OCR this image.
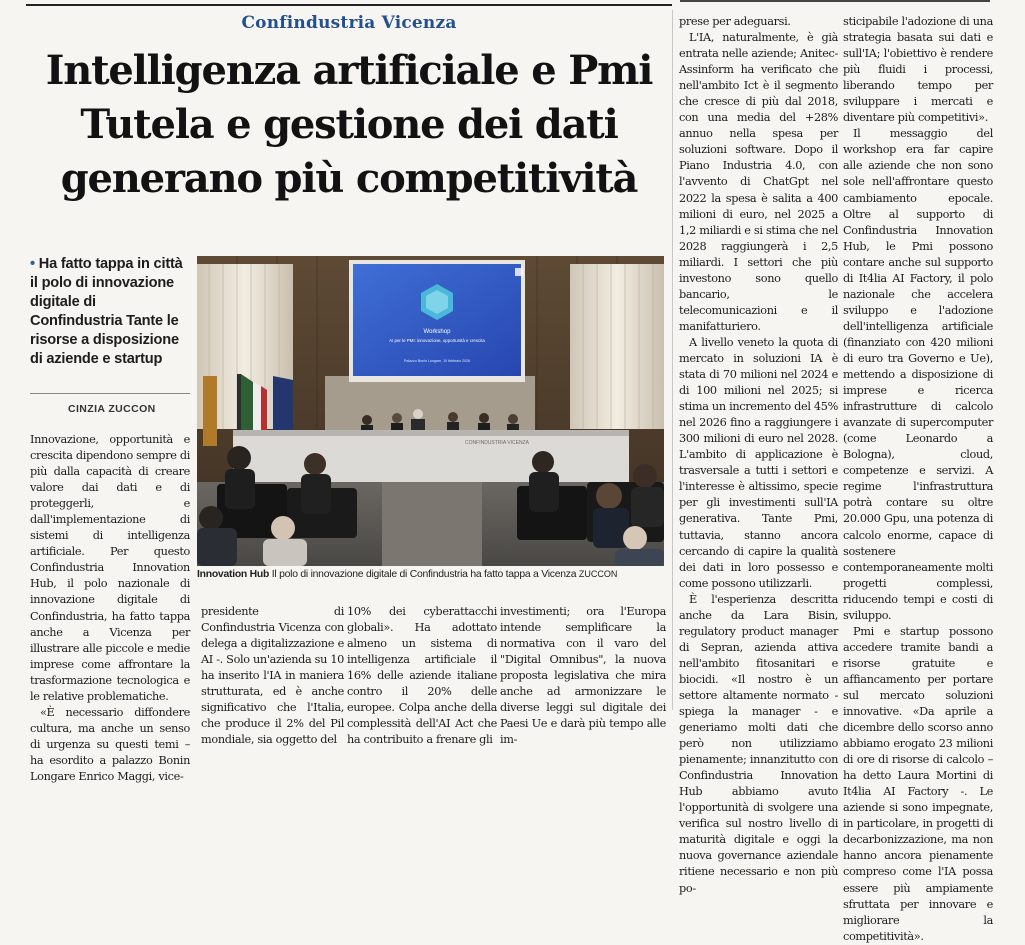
Confindustria Vicenza
Intelligenza artificiale e Pmi
Tutela e gestione dei dati
generano più competitività
• Ha fatto tappa in città il polo di innovazione digitale di Confindustria Tante le risorse a disposizione di aziende e startup
CINZIA ZUCCON

Innovazione, opportunità e crescita dipendono sempre di più dalla capacità di creare valore dai dati e di proteggerli, e dall'implementazione di sistemi di intelligenza artificiale. Per questo Confindustria Innovation Hub, il polo nazionale di innovazione digitale di Confindustria, ha fatto tappa anche a Vicenza per illustrare alle piccole e medie imprese come affrontare la trasformazione tecnologica e le relative problematiche.

«È necessario diffondere cultura, ma anche un senso di urgenza su questi temi – ha esordito a palazzo Bonin Longare Enrico Maggi, vice-

Workshop
AI per le PMI: innovazione, opportunità e crescita
Palazzo Bonin Longare, 10 febbraio 2026
CONFINDUSTRIA VICENZA
Innovation Hub Il polo di innovazione digitale di Confindustria ha fatto tappa a Vicenza ZUCCON

presidente di Confindustria Vicenza con delega a digitalizzazione e AI -. Solo un'azienda su 10 ha inserito l'IA in maniera strutturata, ed è anche significativo che l'Italia, che produce il 2% del Pil mondiale, sia oggetto del

10% dei cyberattacchi globali». Ha adottato almeno un sistema di intelligenza artificiale il 16% delle aziende italiane contro il 20% delle europee. Colpa anche della complessità dell'AI Act che ha contribuito a frenare gli

investimenti; ora l'Europa intende semplificare la normativa con il varo del "Digital Omnibus", la nuova proposta legislativa che mira anche ad armonizzare le diverse leggi sul digitale dei Paesi Ue e darà più tempo alle im-

prese per adeguarsi.

L'IA, naturalmente, è già entrata nelle aziende; Anitec-Assinform ha verificato che nell'ambito Ict è il segmento che cresce di più dal 2018, con una media del +28% annuo nella spesa per soluzioni software. Dopo il Piano Industria 4.0, con l'avvento di ChatGpt nel 2022 la spesa è salita a 400 milioni di euro, nel 2025 a 1,2 miliardi e si stima che nel 2028 raggiungerà i 2,5 miliardi. I settori che più investono sono quello bancario, le telecomunicazioni e il manifatturiero.

A livello veneto la quota di mercato in soluzioni IA è stata di 70 milioni nel 2024 e di 100 milioni nel 2025; si stima un incremento del 45% nel 2026 fino a raggiungere i 300 milioni di euro nel 2028. L'ambito di applicazione è trasversale a tutti i settori e l'interesse è altissimo, specie per gli investimenti sull'IA generativa. Tante Pmi, tuttavia, stanno ancora cercando di capire la qualità dei dati in loro possesso e come possono utilizzarli.

È l'esperienza descritta anche da Lara Bisin, regulatory product manager di Sepran, azienda attiva nell'ambito fitosanitari e biocidi. «Il nostro è un settore altamente normato - spiega la manager - e generiamo molti dati che però non utilizziamo pienamente; innanzitutto con Confindustria Innovation Hub abbiamo avuto l'opportunità di svolgere una verifica sul nostro livello di maturità digitale e oggi la nuova governance aziendale ritiene necessario e non più po-

sticipabile l'adozione di una strategia basata sui dati e sull'IA; l'obiettivo è rendere più fluidi i processi, liberando tempo per sviluppare i mercati e diventare più competitivi».

Il messaggio del workshop era far capire alle aziende che non sono sole nell'affrontare questo cambiamento epocale. Oltre al supporto di Confindustria Innovation Hub, le Pmi possono contare anche sul supporto di It4lia AI Factory, il polo nazionale che accelera sviluppo e l'adozione dell'intelligenza artificiale (finanziato con 420 milioni di euro tra Governo e Ue), mettendo a disposizione di imprese e ricerca infrastrutture di calcolo avanzate di supercomputer (come Leonardo a Bologna), cloud, competenze e servizi. A regime l'infrastruttura potrà contare su oltre 20.000 Gpu, una potenza di calcolo enorme, capace di sostenere contemporaneamente molti progetti complessi, riducendo tempi e costi di sviluppo.

Pmi e startup possono accedere tramite bandi a risorse gratuite e affiancamento per portare sul mercato soluzioni innovative. «Da aprile a dicembre dello scorso anno abbiamo erogato 23 milioni di ore di risorse di calcolo – ha detto Laura Mortini di It4lia AI Factory -. Le aziende si sono impegnate, in particolare, in progetti di decarbonizzazione, ma non hanno ancora pienamente compreso come l'IA possa essere più ampiamente sfruttata per innovare e migliorare la competitività».
